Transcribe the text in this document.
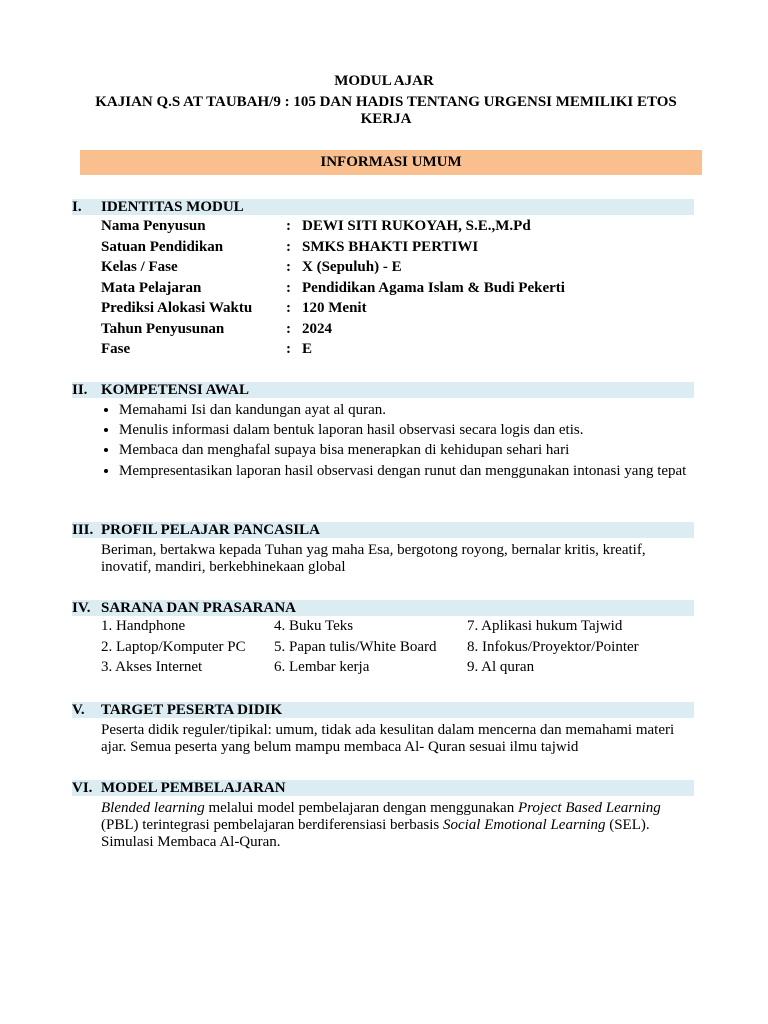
MODUL AJAR
KAJIAN Q.S AT TAUBAH/9 : 105 DAN HADIS TENTANG URGENSI MEMILIKI ETOS KERJA
INFORMASI UMUM
I. IDENTITAS MODUL
Nama Penyusun	:	DEWI SITI RUKOYAH, S.E.,M.Pd
Satuan Pendidikan	:	SMKS BHAKTI PERTIWI
Kelas / Fase	:	X (Sepuluh) - E
Mata Pelajaran	:	Pendidikan Agama Islam & Budi Pekerti
Prediksi Alokasi Waktu	:	120 Menit
Tahun Penyusunan	:	2024
Fase	:	E
II. KOMPETENSI AWAL
• Memahami Isi dan kandungan ayat al quran.
• Menulis informasi dalam bentuk laporan hasil observasi secara logis dan etis.
• Membaca dan menghafal supaya bisa menerapkan di kehidupan sehari hari
• Mempresentasikan laporan hasil observasi dengan runut dan menggunakan intonasi yang tepat
III. PROFIL PELAJAR PANCASILA
Beriman, bertakwa kepada Tuhan yag maha Esa, bergotong royong, bernalar kritis, kreatif, inovatif, mandiri, berkebhinekaan global
IV. SARANA DAN PRASARANA
1. Handphone	4. Buku Teks	7. Aplikasi hukum Tajwid
2. Laptop/Komputer PC	5. Papan tulis/White Board	8. Infokus/Proyektor/Pointer
3. Akses Internet	6. Lembar kerja	9. Al quran
V. TARGET PESERTA DIDIK
Peserta didik reguler/tipikal: umum, tidak ada kesulitan dalam mencerna dan memahami materi ajar. Semua peserta yang belum mampu membaca Al- Quran sesuai ilmu tajwid
VI. MODEL PEMBELAJARAN
Blended learning melalui model pembelajaran dengan menggunakan Project Based Learning (PBL) terintegrasi pembelajaran berdiferensiasi berbasis Social Emotional Learning (SEL).
Simulasi Membaca Al-Quran.
